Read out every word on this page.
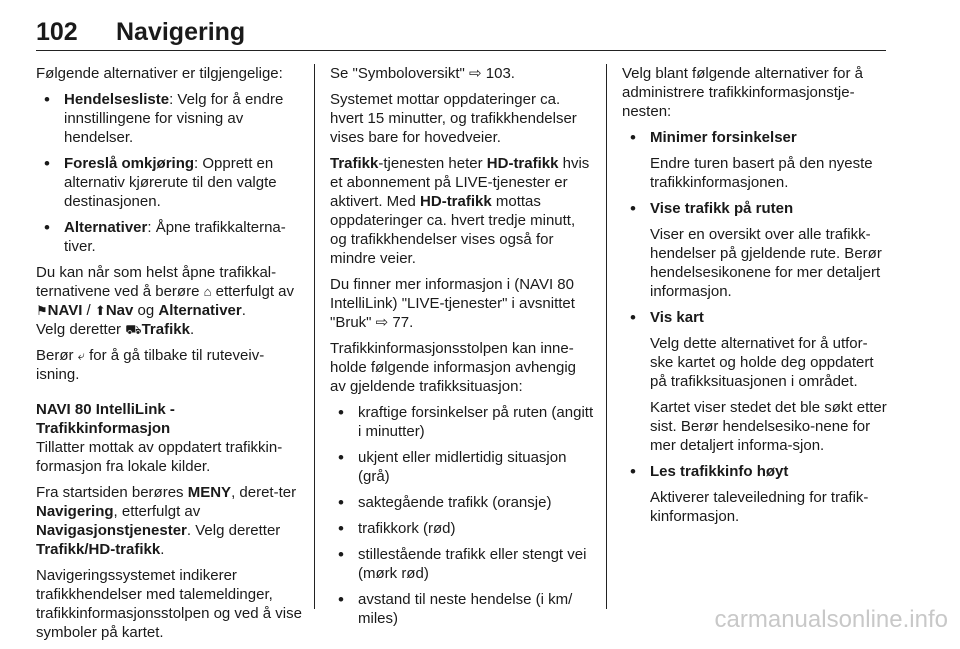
102 Navigering

Følgende alternativer er tilgjengelige:

• Hendelsesliste: Velg for å endre innstillingene for visning av hendelser.
• Foreslå omkjøring: Opprett en alternativ kjørerute til den valgte destinasjonen.
• Alternativer: Åpne trafikkalterna-tiver.

Du kan når som helst åpne trafikkal-ternativene ved å berøre ⌂ etterfulgt av ⚑NAVI / ⬆Nav og Alternativer.
Velg deretter ⛟Trafikk.

Berør ⤶ for å gå tilbake til ruteveiv-isning.

NAVI 80 IntelliLink - Trafikkinformasjon

Tillatter mottak av oppdatert trafikkin-formasjon fra lokale kilder.

Fra startsiden berøres MENY, deret-ter Navigering, etterfulgt av Navigasjonstjenester. Velg deretter Trafikk/HD-trafikk.

Navigeringssystemet indikerer trafikkhendelser med talemeldinger, trafikkinformasjonsstolpen og ved å vise symboler på kartet.

Se "Symboloversikt" ⇨ 103.

Systemet mottar oppdateringer ca. hvert 15 minutter, og trafikkhendelser vises bare for hovedveier.

Trafikk-tjenesten heter HD-trafikk hvis et abonnement på LIVE-tjenester er aktivert. Med HD-trafikk mottas oppdateringer ca. hvert tredje minutt, og trafikkhendelser vises også for mindre veier.

Du finner mer informasjon i (NAVI 80 IntelliLink) "LIVE-tjenester" i avsnittet "Bruk" ⇨ 77.

Trafikkinformasjonsstolpen kan inne-holde følgende informasjon avhengig av gjeldende trafikksituasjon:

• kraftige forsinkelser på ruten (angitt i minutter)
• ukjent eller midlertidig situasjon (grå)
• saktegående trafikk (oransje)
• trafikkork (rød)
• stillestående trafikk eller stengt vei (mørk rød)
• avstand til neste hendelse (i km/ miles)

Velg blant følgende alternativer for å administrere trafikkinformasjonstje-nesten:

• Minimer forsinkelser
Endre turen basert på den nyeste trafikkinformasjonen.
• Vise trafikk på ruten
Viser en oversikt over alle trafikk-hendelser på gjeldende rute. Berør hendelsesikonene for mer detaljert informasjon.
• Vis kart
Velg dette alternativet for å utfor-ske kartet og holde deg oppdatert på trafikksituasjonen i området.
Kartet viser stedet det ble søkt etter sist. Berør hendelsesiko-nene for mer detaljert informa-sjon.
• Les trafikkinfo høyt
Aktiverer taleveiledning for trafik-kinformasjon.
carmanualsonline.info
